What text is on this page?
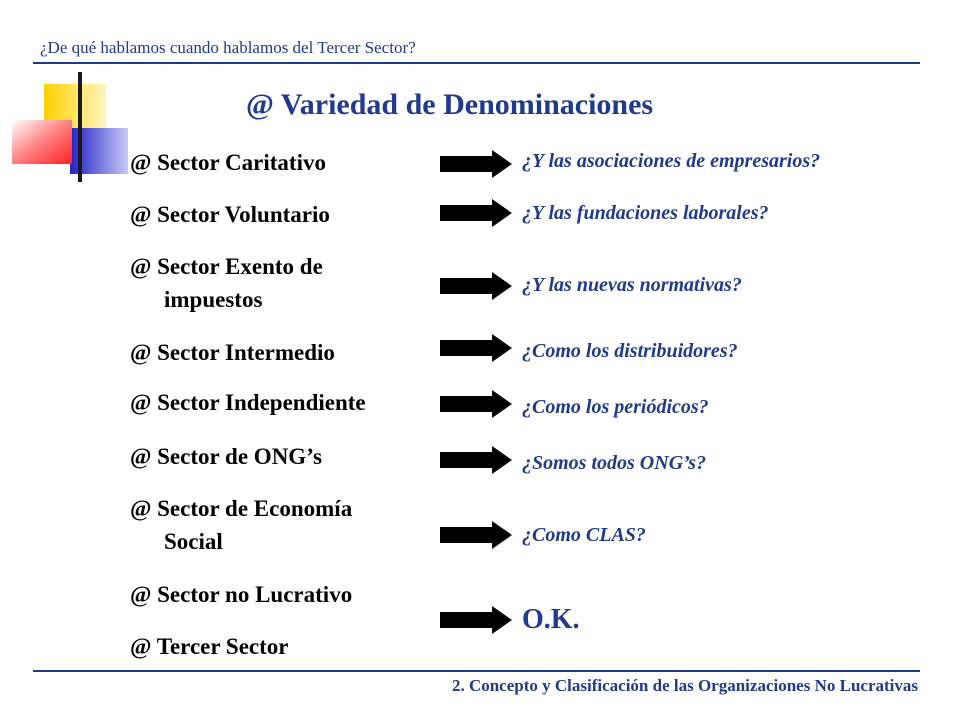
¿De qué hablamos cuando hablamos del Tercer Sector?
@ Variedad de Denominaciones
@ Sector Caritativo
@ Sector Voluntario
@ Sector Exento de
impuestos
@ Sector Intermedio
@ Sector Independiente
@ Sector de ONG’s
@ Sector de Economía
Social
@ Sector no Lucrativo
@ Tercer Sector
¿Y las asociaciones de empresarios?
¿Y las fundaciones laborales?
¿Y las nuevas normativas?
¿Como los distribuidores?
¿Como los periódicos?
¿Somos todos ONG’s?
¿Como CLAS?
O.K.
2. Concepto y Clasificación de las Organizaciones No Lucrativas
